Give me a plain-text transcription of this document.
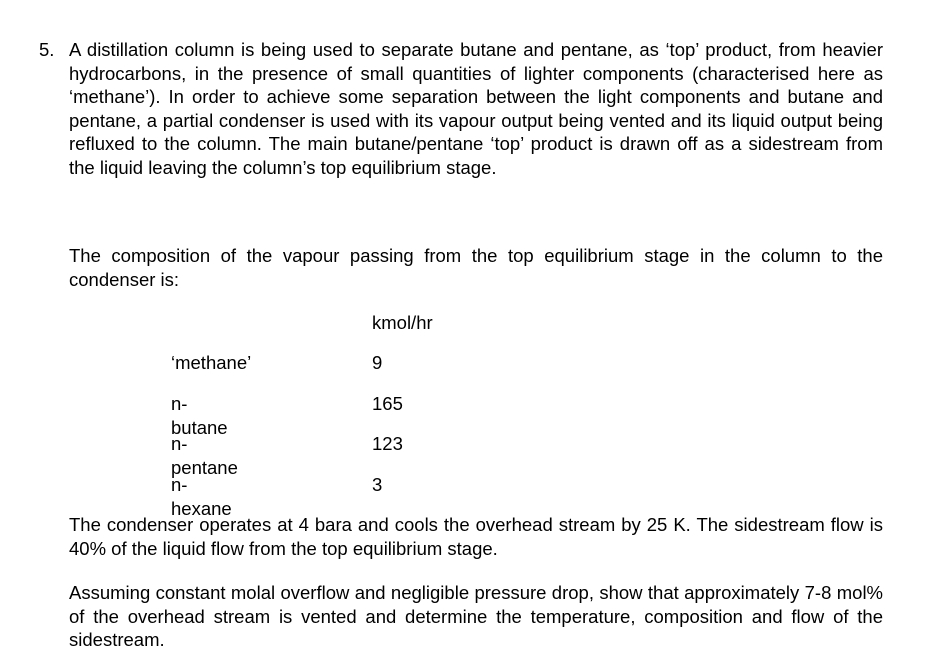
5. A distillation column is being used to separate butane and pentane, as ‘top’ product, from heavier hydrocarbons, in the presence of small quantities of lighter components (characterised here as ‘methane’). In order to achieve some separation between the light components and butane and pentane, a partial condenser is used with its vapour output being vented and its liquid output being refluxed to the column. The main butane/pentane ‘top’ product is drawn off as a sidestream from the liquid leaving the column’s top equilibrium stage.
The composition of the vapour passing from the top equilibrium stage in the column to the condenser is:
kmol/hr
‘methane’	9
n-butane
165
n-pentane
123
n-hexane
3
The condenser operates at 4 bara and cools the overhead stream by 25 K. The sidestream flow is 40% of the liquid flow from the top equilibrium stage.
Assuming constant molal overflow and negligible pressure drop, show that approximately 7-8 mol% of the overhead stream is vented and determine the temperature, composition and flow of the sidestream.
